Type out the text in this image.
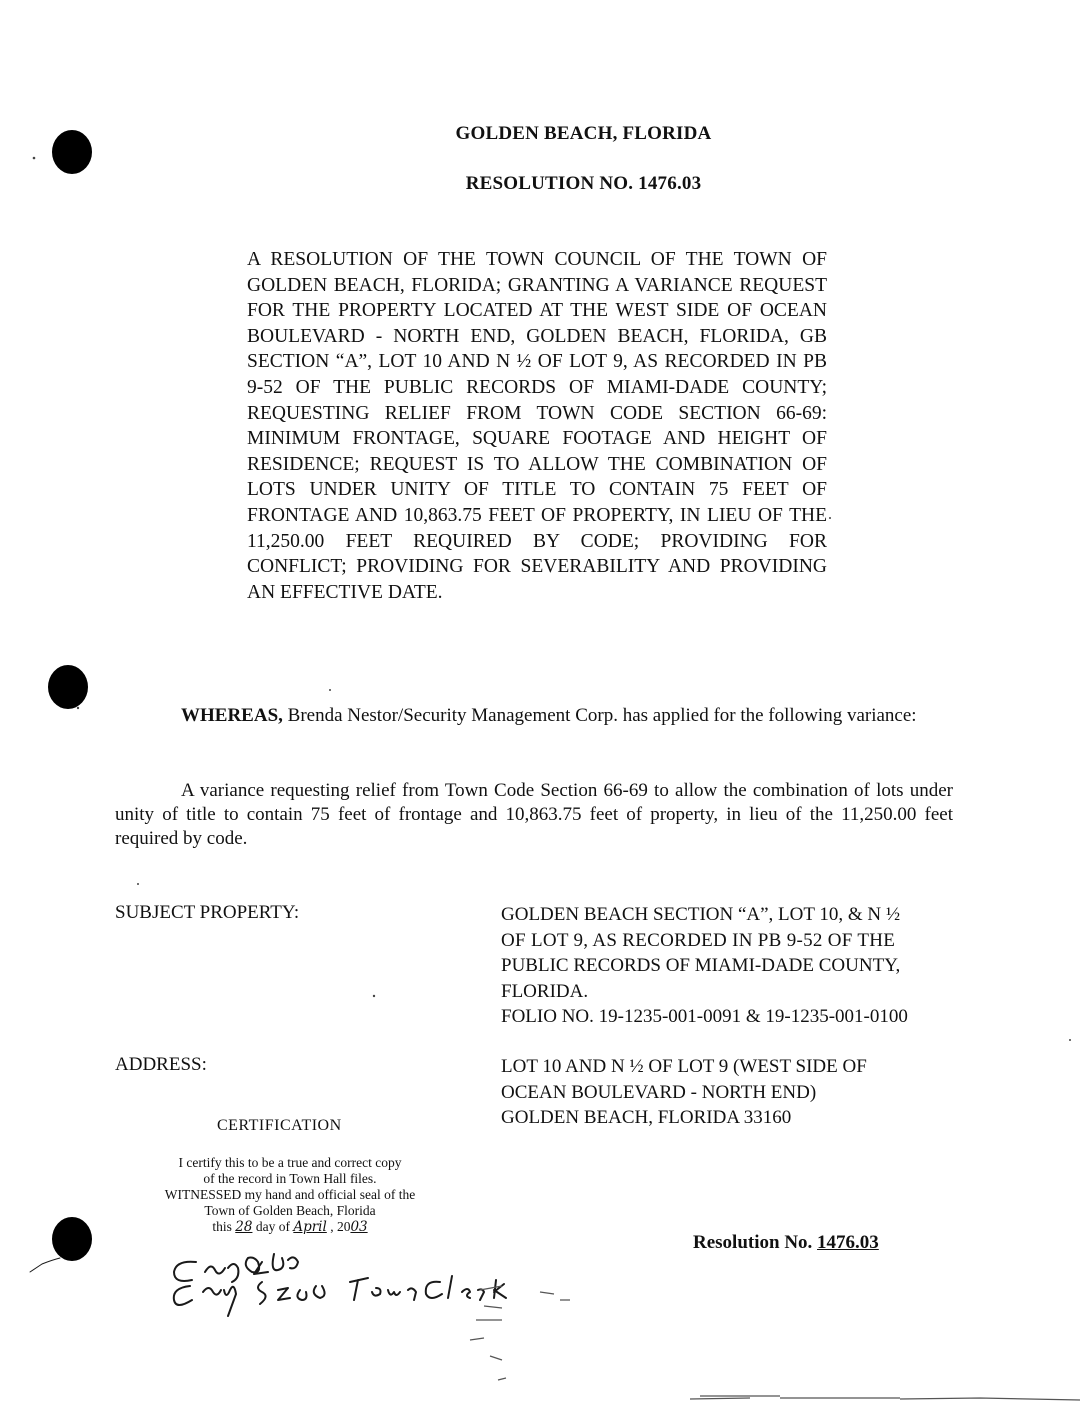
GOLDEN BEACH, FLORIDA
RESOLUTION NO. 1476.03
A RESOLUTION OF THE TOWN COUNCIL OF THE TOWN OF GOLDEN BEACH, FLORIDA; GRANTING A VARIANCE REQUEST FOR THE PROPERTY LOCATED AT THE WEST SIDE OF OCEAN BOULEVARD - NORTH END, GOLDEN BEACH, FLORIDA, GB SECTION “A”, LOT 10 AND N ½ OF LOT 9, AS RECORDED IN PB 9-52 OF THE PUBLIC RECORDS OF MIAMI-DADE COUNTY; REQUESTING RELIEF FROM TOWN CODE SECTION 66-69: MINIMUM FRONTAGE, SQUARE FOOTAGE AND HEIGHT OF RESIDENCE; REQUEST IS TO ALLOW THE COMBINATION OF LOTS UNDER UNITY OF TITLE TO CONTAIN 75 FEET OF FRONTAGE AND 10,863.75 FEET OF PROPERTY, IN LIEU OF THE 11,250.00 FEET REQUIRED BY CODE; PROVIDING FOR CONFLICT; PROVIDING FOR SEVERABILITY AND PROVIDING AN EFFECTIVE DATE.
WHEREAS, Brenda Nestor/Security Management Corp. has applied for the following variance:
A variance requesting relief from Town Code Section 66-69 to allow the combination of lots under unity of title to contain 75 feet of frontage and 10,863.75 feet of property, in lieu of the 11,250.00 feet required by code.
SUBJECT PROPERTY:	GOLDEN BEACH SECTION “A”, LOT 10, & N ½
OF LOT 9, AS RECORDED IN PB 9-52 OF THE
PUBLIC RECORDS OF MIAMI-DADE COUNTY,
FLORIDA.
FOLIO NO. 19-1235-001-0091 & 19-1235-001-0100
ADDRESS:	LOT 10 AND N ½ OF LOT 9 (WEST SIDE OF
OCEAN BOULEVARD - NORTH END)
GOLDEN BEACH, FLORIDA 33160
CERTIFICATION
I certify this to be a true and correct copy
of the record in Town Hall files.
WITNESSED my hand and official seal of the
Town of Golden Beach, Florida
this 28 day of April , 2003
Resolution No. 1476.03
